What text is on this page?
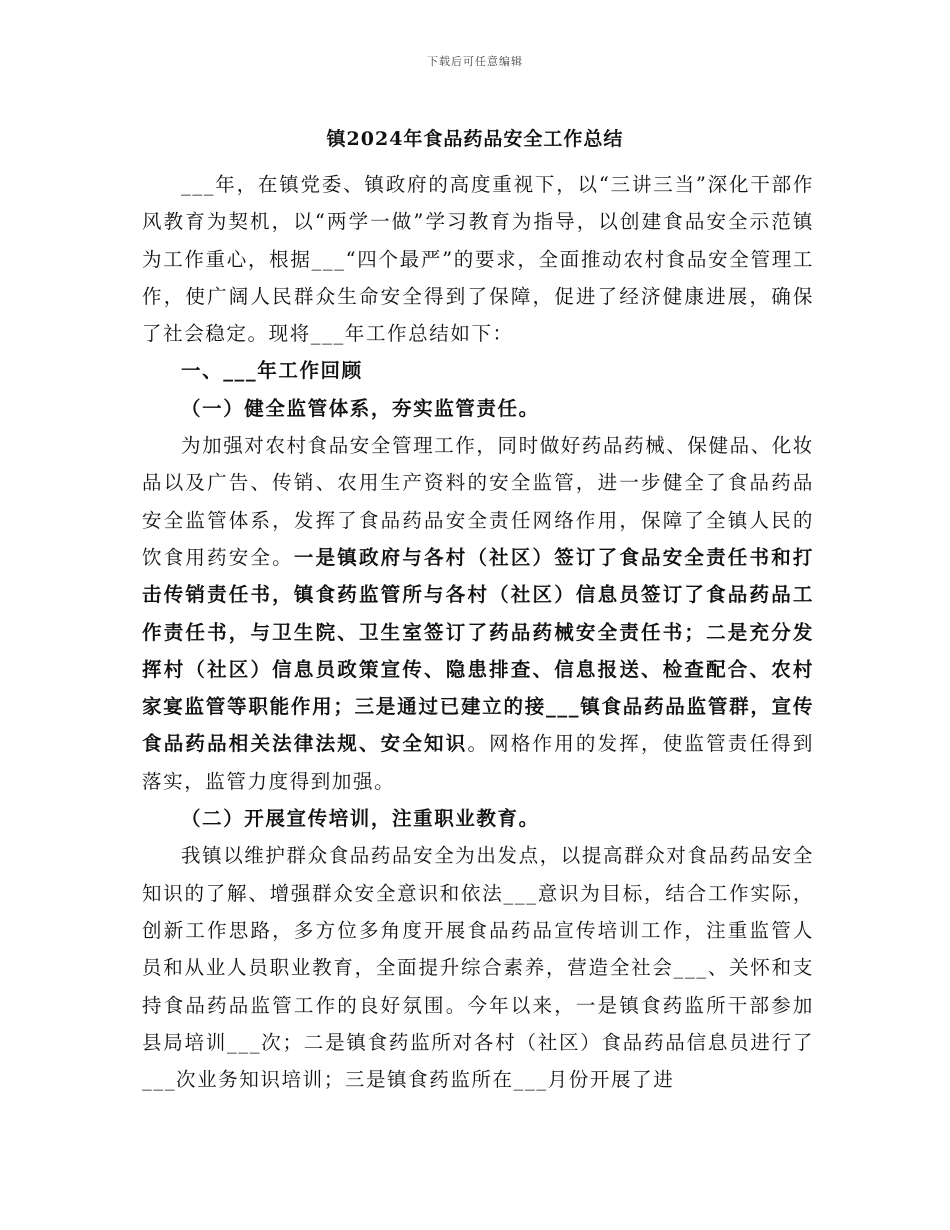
下载后可任意编辑
镇2024年食品药品安全工作总结

___年，在镇党委、镇政府的高度重视下，以“三讲三当”深化干部作风教育为契机，以“两学一做”学习教育为指导，以创建食品安全示范镇为工作重心，根据___“四个最严”的要求，全面推动农村食品安全管理工作，使广阔人民群众生命安全得到了保障，促进了经济健康进展，确保了社会稳定。现将___年工作总结如下：

一、___年工作回顾

（一）健全监管体系，夯实监管责任。

为加强对农村食品安全管理工作，同时做好药品药械、保健品、化妆品以及广告、传销、农用生产资料的安全监管，进一步健全了食品药品安全监管体系，发挥了食品药品安全责任网络作用，保障了全镇人民的饮食用药安全。一是镇政府与各村（社区）签订了食品安全责任书和打击传销责任书，镇食药监管所与各村（社区）信息员签订了食品药品工作责任书，与卫生院、卫生室签订了药品药械安全责任书；二是充分发挥村（社区）信息员政策宣传、隐患排查、信息报送、检查配合、农村家宴监管等职能作用；三是通过已建立的接___镇食品药品监管群，宣传食品药品相关法律法规、安全知识。网格作用的发挥，使监管责任得到落实，监管力度得到加强。

（二）开展宣传培训，注重职业教育。

我镇以维护群众食品药品安全为出发点，以提高群众对食品药品安全知识的了解、增强群众安全意识和依法___意识为目标，结合工作实际，创新工作思路，多方位多角度开展食品药品宣传培训工作，注重监管人员和从业人员职业教育，全面提升综合素养，营造全社会___、关怀和支持食品药品监管工作的良好氛围。今年以来，一是镇食药监所干部参加县局培训___次；二是镇食药监所对各村（社区）食品药品信息员进行了___次业务知识培训；三是镇食药监所在___月份开展了进
